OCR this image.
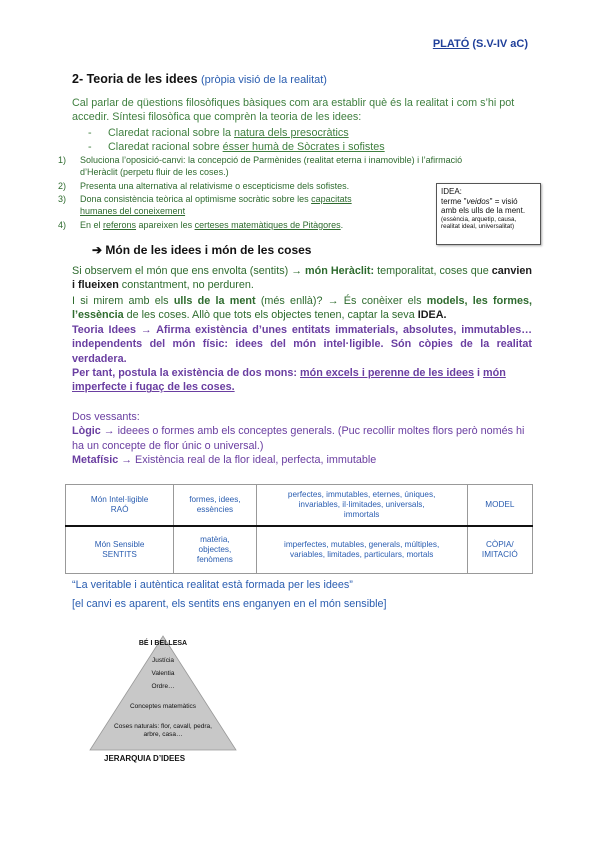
PLATÓ (S.V-IV aC)
2- Teoria de les idees (pròpia visió de la realitat)
Cal parlar de qüestions filosòfiques bàsiques com ara establir què és la realitat i com s’hi pot accedir. Síntesi filosòfica que comprèn la teoria de les idees:
- Claredat racional sobre la natura dels presocràtics
- Claredat racional sobre ésser humà de Sòcrates i sofistes
1) Soluciona l’oposició-canvi: la concepció de Parmènides (realitat eterna i inamovible) i l’afirmació
d’Heràclit (perpetu fluir de les coses.)
2) Presenta una alternativa al relativisme o escepticisme dels sofistes.
3) Dona consistència teòrica al optimisme socràtic sobre les capacitats
humanes del coneixement
4) En el referons apareixen les certeses matemàtiques de Pitàgores.
IDEA:
terme "veidos" = visió
amb els ulls de la ment.
(essència, arquetip, causa, realitat ideal, universalitat)
➔ Món de les idees i món de les coses
Si observem el món que ens envolta (sentits) → món Heràclit: temporalitat, coses que canvien i flueixen constantment, no perduren.
I si mirem amb els ulls de la ment (més enllà)? → És conèixer els models, les formes, l’essència de les coses. Allò que tots els objectes tenen, captar la seva IDEA.
Teoria Idees → Afirma existència d’unes entitats immaterials, absolutes, immutables… independents del món físic: idees del món intel·ligible. Són còpies de la realitat verdadera.
Per tant, postula la existència de dos mons: món excels i perenne de les idees i món imperfecte i fugaç de les coses.
Dos vessants:
Lògic → ideees o formes amb els conceptes generals. (Puc recollir moltes flors però només hi ha un concepte de flor únic o universal.)
Metafísic → Existència real de la flor ideal, perfecta, immutable
Món Intel·ligible
RAÓ	formes, idees,
essències	perfectes, immutables, eternes, úniques,
invariables, il·limitades, universals,
immortals	MODEL
Món Sensible
SENTITS	matèria,
objectes,
fenòmens	imperfectes, mutables, generals, múltiples,
variables, limitades, particulars, mortals	CÒPIA/
IMITACIÓ
“La veritable i autèntica realitat està formada per les idees”
[el canvi es aparent, els sentits ens enganyen en el món sensible]
BÉ I BELLESA
Justícia
Valentia
Ordre…
Conceptes matemàtics
Coses naturals: flor, cavall, pedra, arbre, casa…
JERARQUIA D’IDEES
